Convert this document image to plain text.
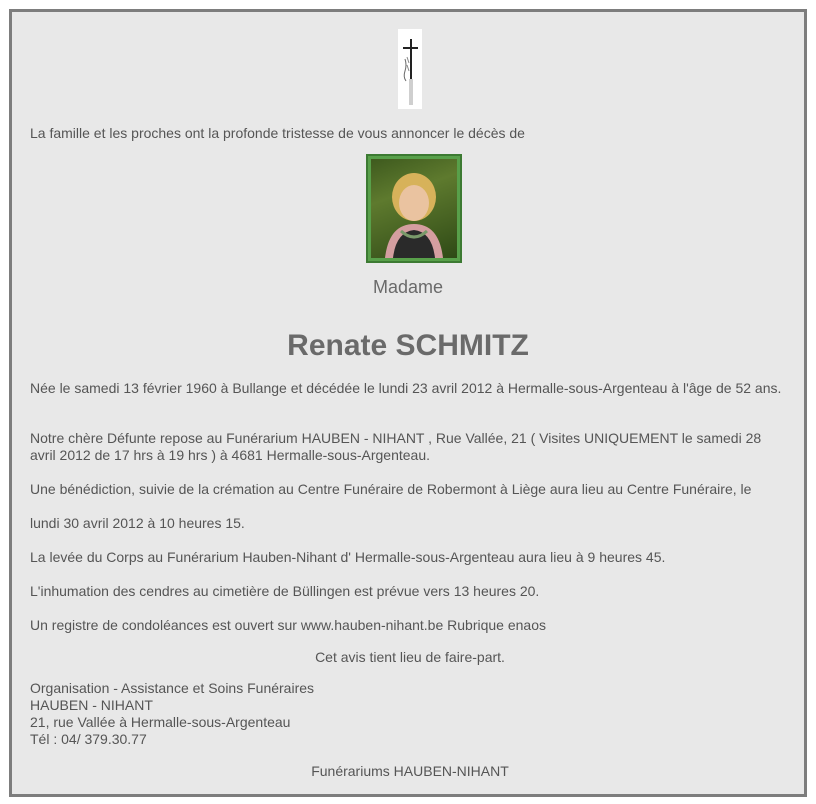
La famille et les proches ont la profonde tristesse de vous annoncer le décès de

Madame
Renate SCHMITZ

Née le samedi 13 février 1960 à Bullange et décédée le lundi 23 avril 2012 à Hermalle-sous-Argenteau à l'âge de 52 ans.

Notre chère Défunte repose au Funérarium HAUBEN - NIHANT , Rue Vallée, 21 ( Visites UNIQUEMENT le samedi 28 avril 2012 de 17 hrs à 19 hrs ) à 4681 Hermalle-sous-Argenteau.

Une bénédiction, suivie de la crémation au Centre Funéraire de Robermont à Liège aura lieu au Centre Funéraire, le

lundi 30 avril 2012 à 10 heures 15.

La levée du Corps au Funérarium Hauben-Nihant d' Hermalle-sous-Argenteau aura lieu à 9 heures 45.

L'inhumation des cendres au cimetière de Büllingen est prévue vers 13 heures 20.

Un registre de condoléances est ouvert sur www.hauben-nihant.be Rubrique enaos

Cet avis tient lieu de faire-part.

Organisation - Assistance et Soins Funéraires
HAUBEN - NIHANT
21, rue Vallée à Hermalle-sous-Argenteau
Tél : 04/ 379.30.77

Funérariums HAUBEN-NIHANT
